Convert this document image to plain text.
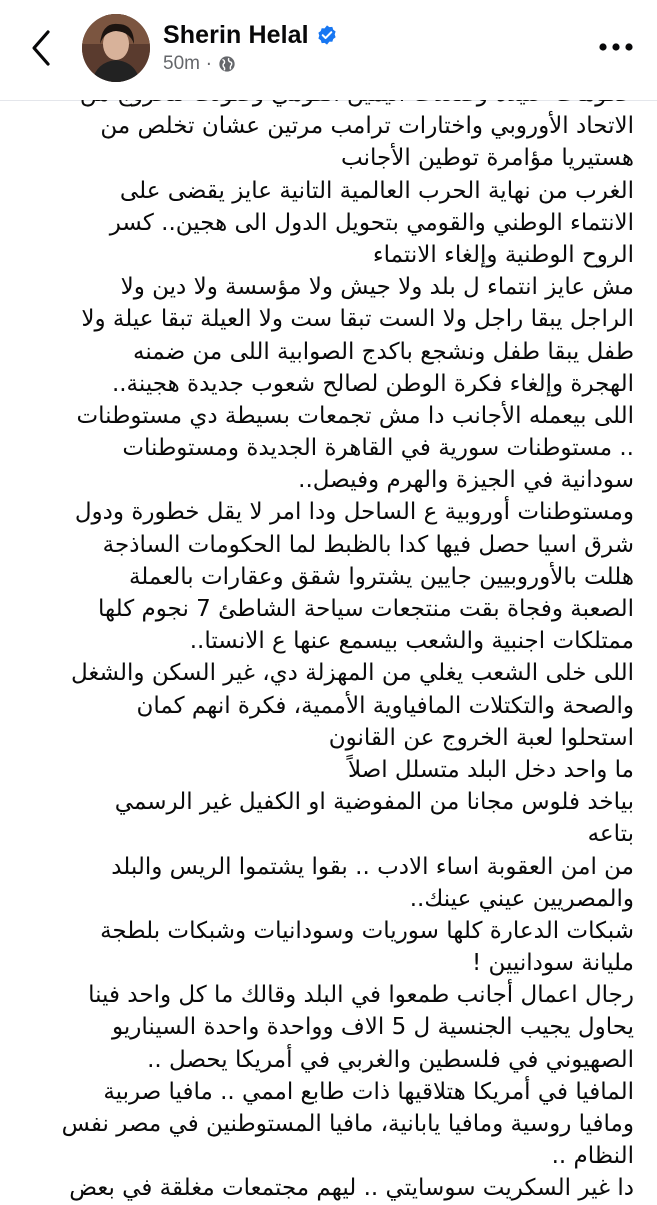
الاتحاد الأوروبي واختارات ترامب مرتين عشان تخلص من
هستيريا مؤامرة توطين الأجانب
الغرب من نهاية الحرب العالمية التانية عايز يقضى على
الانتماء الوطني والقومي بتحويل الدول الى هجين.. كسر
الروح الوطنية وإلغاء الانتماء
مش عايز انتماء ل بلد ولا جيش ولا مؤسسة ولا دين ولا
الراجل يبقا راجل ولا الست تبقا ست ولا العيلة تبقا عيلة ولا
طفل يبقا طفل ونشجع باكدج الصوابية اللى من ضمنه
الهجرة وإلغاء فكرة الوطن لصالح شعوب جديدة هجينة..
اللى بيعمله الأجانب دا مش تجمعات بسيطة دي مستوطنات
.. مستوطنات سورية في القاهرة الجديدة ومستوطنات
سودانية في الجيزة والهرم وفيصل..
ومستوطنات أوروبية ع الساحل ودا امر لا يقل خطورة ودول
شرق اسيا حصل فيها كدا بالظبط لما الحكومات الساذجة
هللت بالأوروبيين جايين يشتروا شقق وعقارات بالعملة
الصعبة وفجاة بقت منتجعات سياحة الشاطئ 7 نجوم كلها
ممتلكات اجنبية والشعب بيسمع عنها ع الانستا..
اللى خلى الشعب يغلي من المهزلة دي، غير السكن والشغل
والصحة والتكتلات المافياوية الأممية، فكرة انهم كمان
استحلوا لعبة الخروج عن القانون
ما واحد دخل البلد متسلل اصلاً
بياخد فلوس مجانا من المفوضية او الكفيل غير الرسمي
بتاعه
من امن العقوبة اساء الادب .. بقوا يشتموا الريس والبلد
والمصريين عيني عينك..
شبكات الدعارة كلها سوريات وسودانيات وشبكات بلطجة
مليانة سودانيين !
رجال اعمال أجانب طمعوا في البلد وقالك ما كل واحد فينا
يحاول يجيب الجنسية ل 5 الاف وواحدة واحدة السيناريو
الصهيوني في فلسطين والغربي في أمريكا يحصل ..
المافيا في أمريكا هتلاقيها ذات طابع اممي .. مافيا صربية
ومافيا روسية ومافيا يابانية، مافيا المستوطنين في مصر نفس
النظام ..
دا غير السكريت سوسايتي .. ليهم مجتمعات مغلقة في بعض
Sherin Helal
50m ·
